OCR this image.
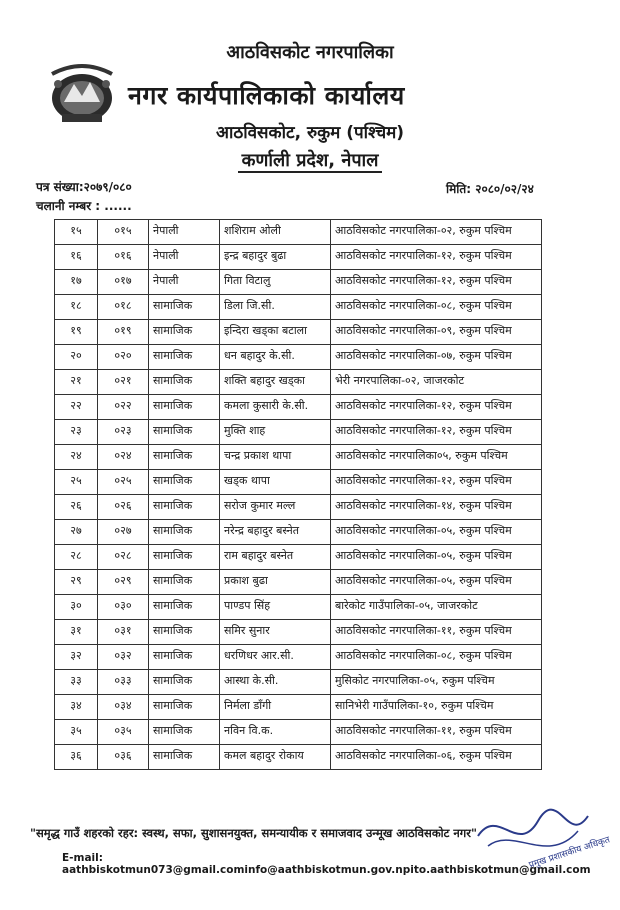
आठविसकोट नगरपालिका
नगर कार्यपालिकाको कार्यालय
आठविसकोट, रुकुम (पश्चिम)
कर्णाली प्रदेश, नेपाल
पत्र संख्या:२०७९/०८०	मिति: २०८०/०२/२४
चलानी नम्बर : ......
१५	०१५	नेपाली	शशिराम ओली	आठविसकोट नगरपालिका-०२, रुकुम पश्चिम	
१६	०१६	नेपाली	इन्द्र बहादुर बुढा	आठविसकोट नगरपालिका-१२, रुकुम पश्चिम	
१७	०१७	नेपाली	गिता विटालु	आठविसकोट नगरपालिका-१२, रुकुम पश्चिम	
१८	०१८	सामाजिक	डिला जि.सी.	आठविसकोट नगरपालिका-०८, रुकुम पश्चिम	
१९	०१९	सामाजिक	इन्दिरा खड्का बटाला	आठविसकोट नगरपालिका-०९, रुकुम पश्चिम	
२०	०२०	सामाजिक	धन बहादुर के.सी.	आठविसकोट नगरपालिका-०७, रुकुम पश्चिम	
२१	०२१	सामाजिक	शक्ति बहादुर खड्का	भेरी नगरपालिका-०२, जाजरकोट	
२२	०२२	सामाजिक	कमला कुसारी के.सी.	आठविसकोट नगरपालिका-१२, रुकुम पश्चिम	
२३	०२३	सामाजिक	मुक्ति शाह	आठविसकोट नगरपालिका-१२, रुकुम पश्चिम	
२४	०२४	सामाजिक	चन्द्र प्रकाश थापा	आठविसकोट नगरपालिका०५, रुकुम पश्चिम	
२५	०२५	सामाजिक	खड्क थापा	आठविसकोट नगरपालिका-१२, रुकुम पश्चिम	
२६	०२६	सामाजिक	सरोज कुमार मल्ल	आठविसकोट नगरपालिका-१४, रुकुम पश्चिम	
२७	०२७	सामाजिक	नरेन्द्र बहादुर बस्नेत	आठविसकोट नगरपालिका-०५, रुकुम पश्चिम	
२८	०२८	सामाजिक	राम बहादुर बस्नेत	आठविसकोट नगरपालिका-०५, रुकुम पश्चिम	
२९	०२९	सामाजिक	प्रकाश बुढा	आठविसकोट नगरपालिका-०५, रुकुम पश्चिम	
३०	०३०	सामाजिक	पाण्डप सिंह	बारेकोट गाउँपालिका-०५, जाजरकोट	
३१	०३१	सामाजिक	समिर सुनार	आठविसकोट नगरपालिका-११, रुकुम पश्चिम	
३२	०३२	सामाजिक	धरणिधर आर.सी.	आठविसकोट नगरपालिका-०८, रुकुम पश्चिम	
३३	०३३	सामाजिक	आस्था के.सी.	मुसिकोट नगरपालिका-०५, रुकुम पश्चिम	
३४	०३४	सामाजिक	निर्मला डाँगी	सानिभेरी गाउँपालिका-१०, रुकुम पश्चिम	
३५	०३५	सामाजिक	नविन वि.क.	आठविसकोट नगरपालिका-११, रुकुम पश्चिम	
३६	०३६	सामाजिक	कमल बहादुर रोकाय	आठविसकोट नगरपालिका-०६, रुकुम पश्चिम	
"समृद्ध गाउँ शहरको रहर: स्वस्थ, सफा, सुशासनयुक्त, समन्यायीक र समाजवाद उन्मूख आठविसकोट नगर"
E-mail: aathbiskotmun073@gmail.cominfo@aathbiskotmun.gov.npito.aathbiskotmun@gmail.com
प्रमुख प्रशासकीय अधिकृत
